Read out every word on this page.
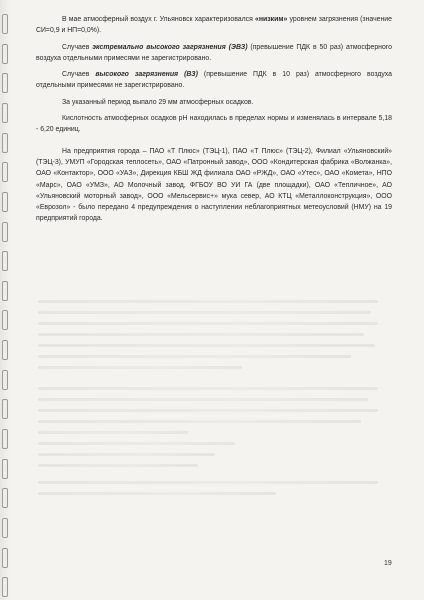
В мае атмосферный воздух г. Ульяновск характеризовался «низким» уровнем загрязнения (значение СИ=0,9 и НП=0,0%).

Случаев экстремально высокого загрязнения (ЭВЗ) (превышение ПДК в 50 раз) атмосферного воздуха отдельными примесями не зарегистрировано.

Случаев высокого загрязнения (ВЗ) (превышение ПДК в 10 раз) атмосферного воздуха отдельными примесями не зарегистрировано.

За указанный период выпало 29 мм атмосферных осадков.

Кислотность атмосферных осадков рН находилась в пределах нормы и изменялась в интервале 5,18 - 6,20 единиц.

На предприятия города – ПАО «Т Плюс» (ТЭЦ-1), ПАО «Т Плюс» (ТЭЦ-2), Филиал «Ульяновский» (ТЭЦ-3), УМУП «Городская теплосеть», ОАО «Патронный завод», ООО «Кондитерская фабрика «Волжанка», ОАО «Контактор», ООО «УАЗ», Дирекция КБШ ЖД филиала ОАО «РЖД», ОАО «Утес», ОАО «Комета», НПО «Марс», ОАО «УМЗ», АО Молочный завод, ФГБОУ ВО УИ ГА (две площадки), ОАО «Тепличное», АО «Ульяновский моторный завод», ООО «Мельсервис+» мука север, АО КТЦ «Металлоконструкция», ООО «Еврозол» - было передано 4 предупреждения о наступлении неблагоприятных метеоусловий (НМУ) на 19 предприятий города.

19
